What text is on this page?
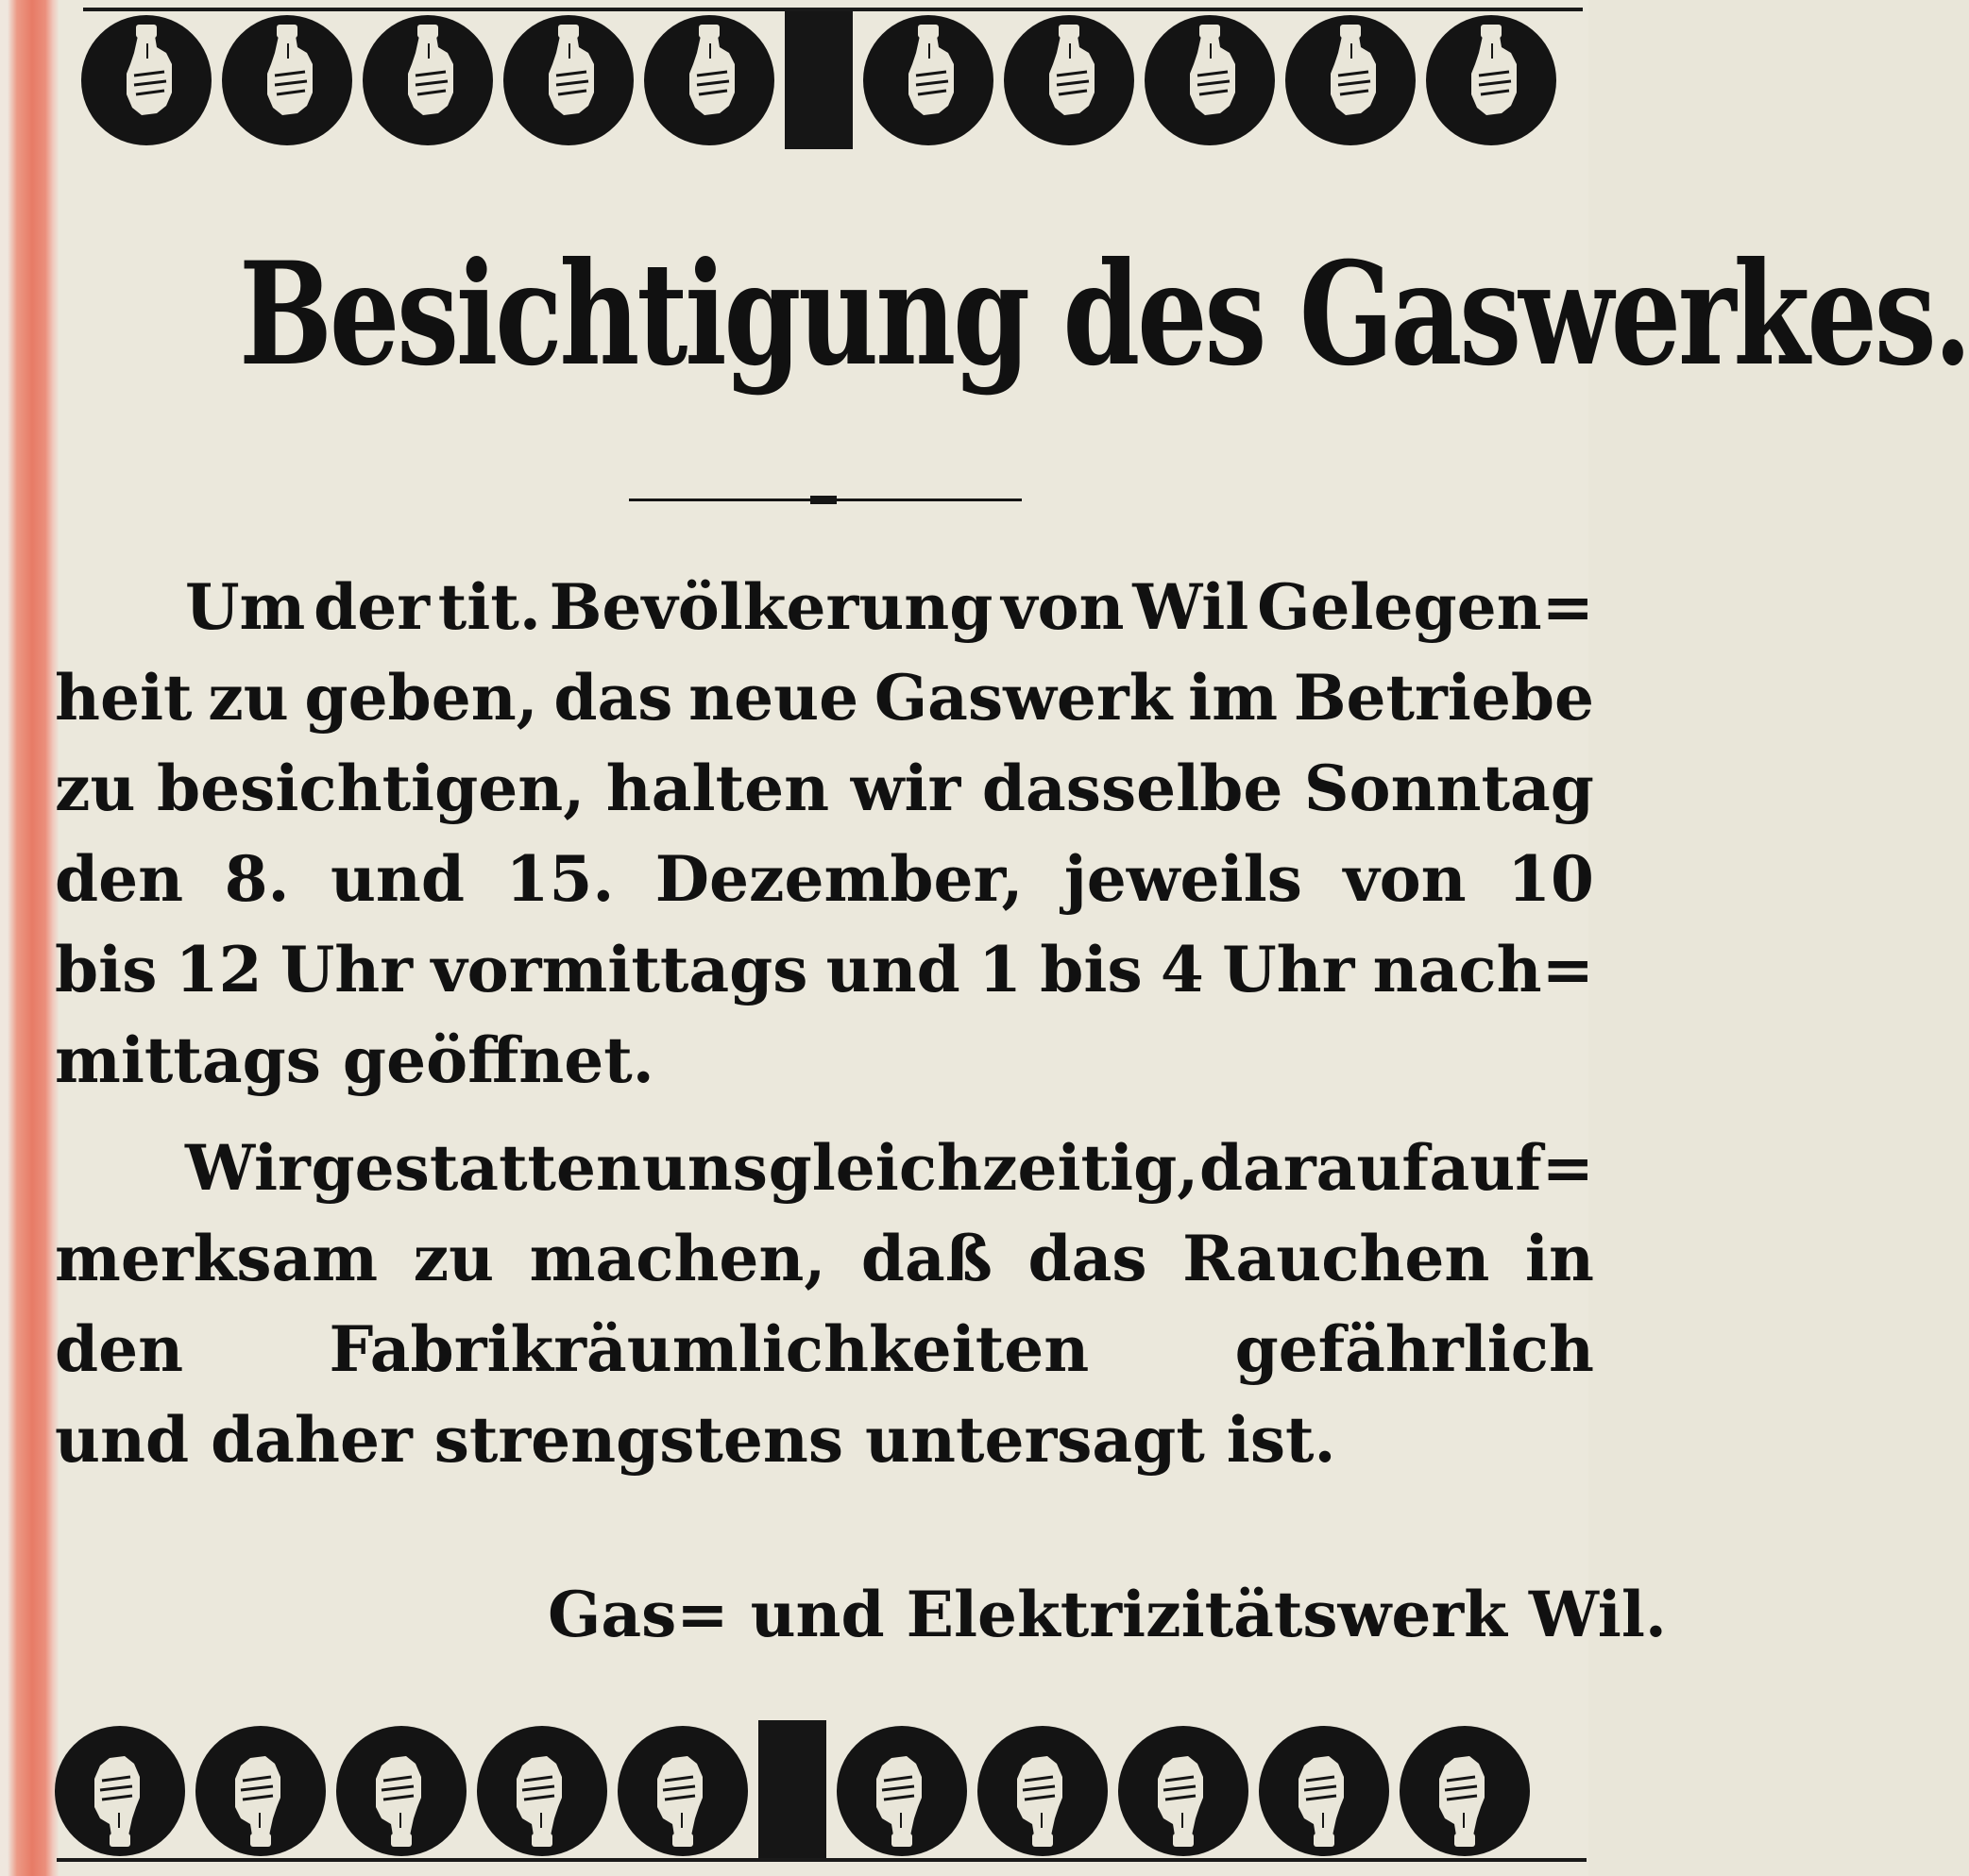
Besichtigung des Gaswerkes.
Um der tit. Bevölkerung von Wil Gelegen=
heit zu geben, das neue Gaswerk im Betriebe
zu besichtigen, halten wir dasselbe Sonntag
den 8. und 15. Dezember, jeweils von 10
bis 12 Uhr vormittags und 1 bis 4 Uhr nach=
mittags geöffnet.
Wir gestatten uns gleichzeitig, darauf auf=
merksam zu machen, daß das Rauchen in
den Fabrikräumlichkeiten gefährlich
und daher strengstens untersagt ist.
Gas= und Elektrizitätswerk Wil.
